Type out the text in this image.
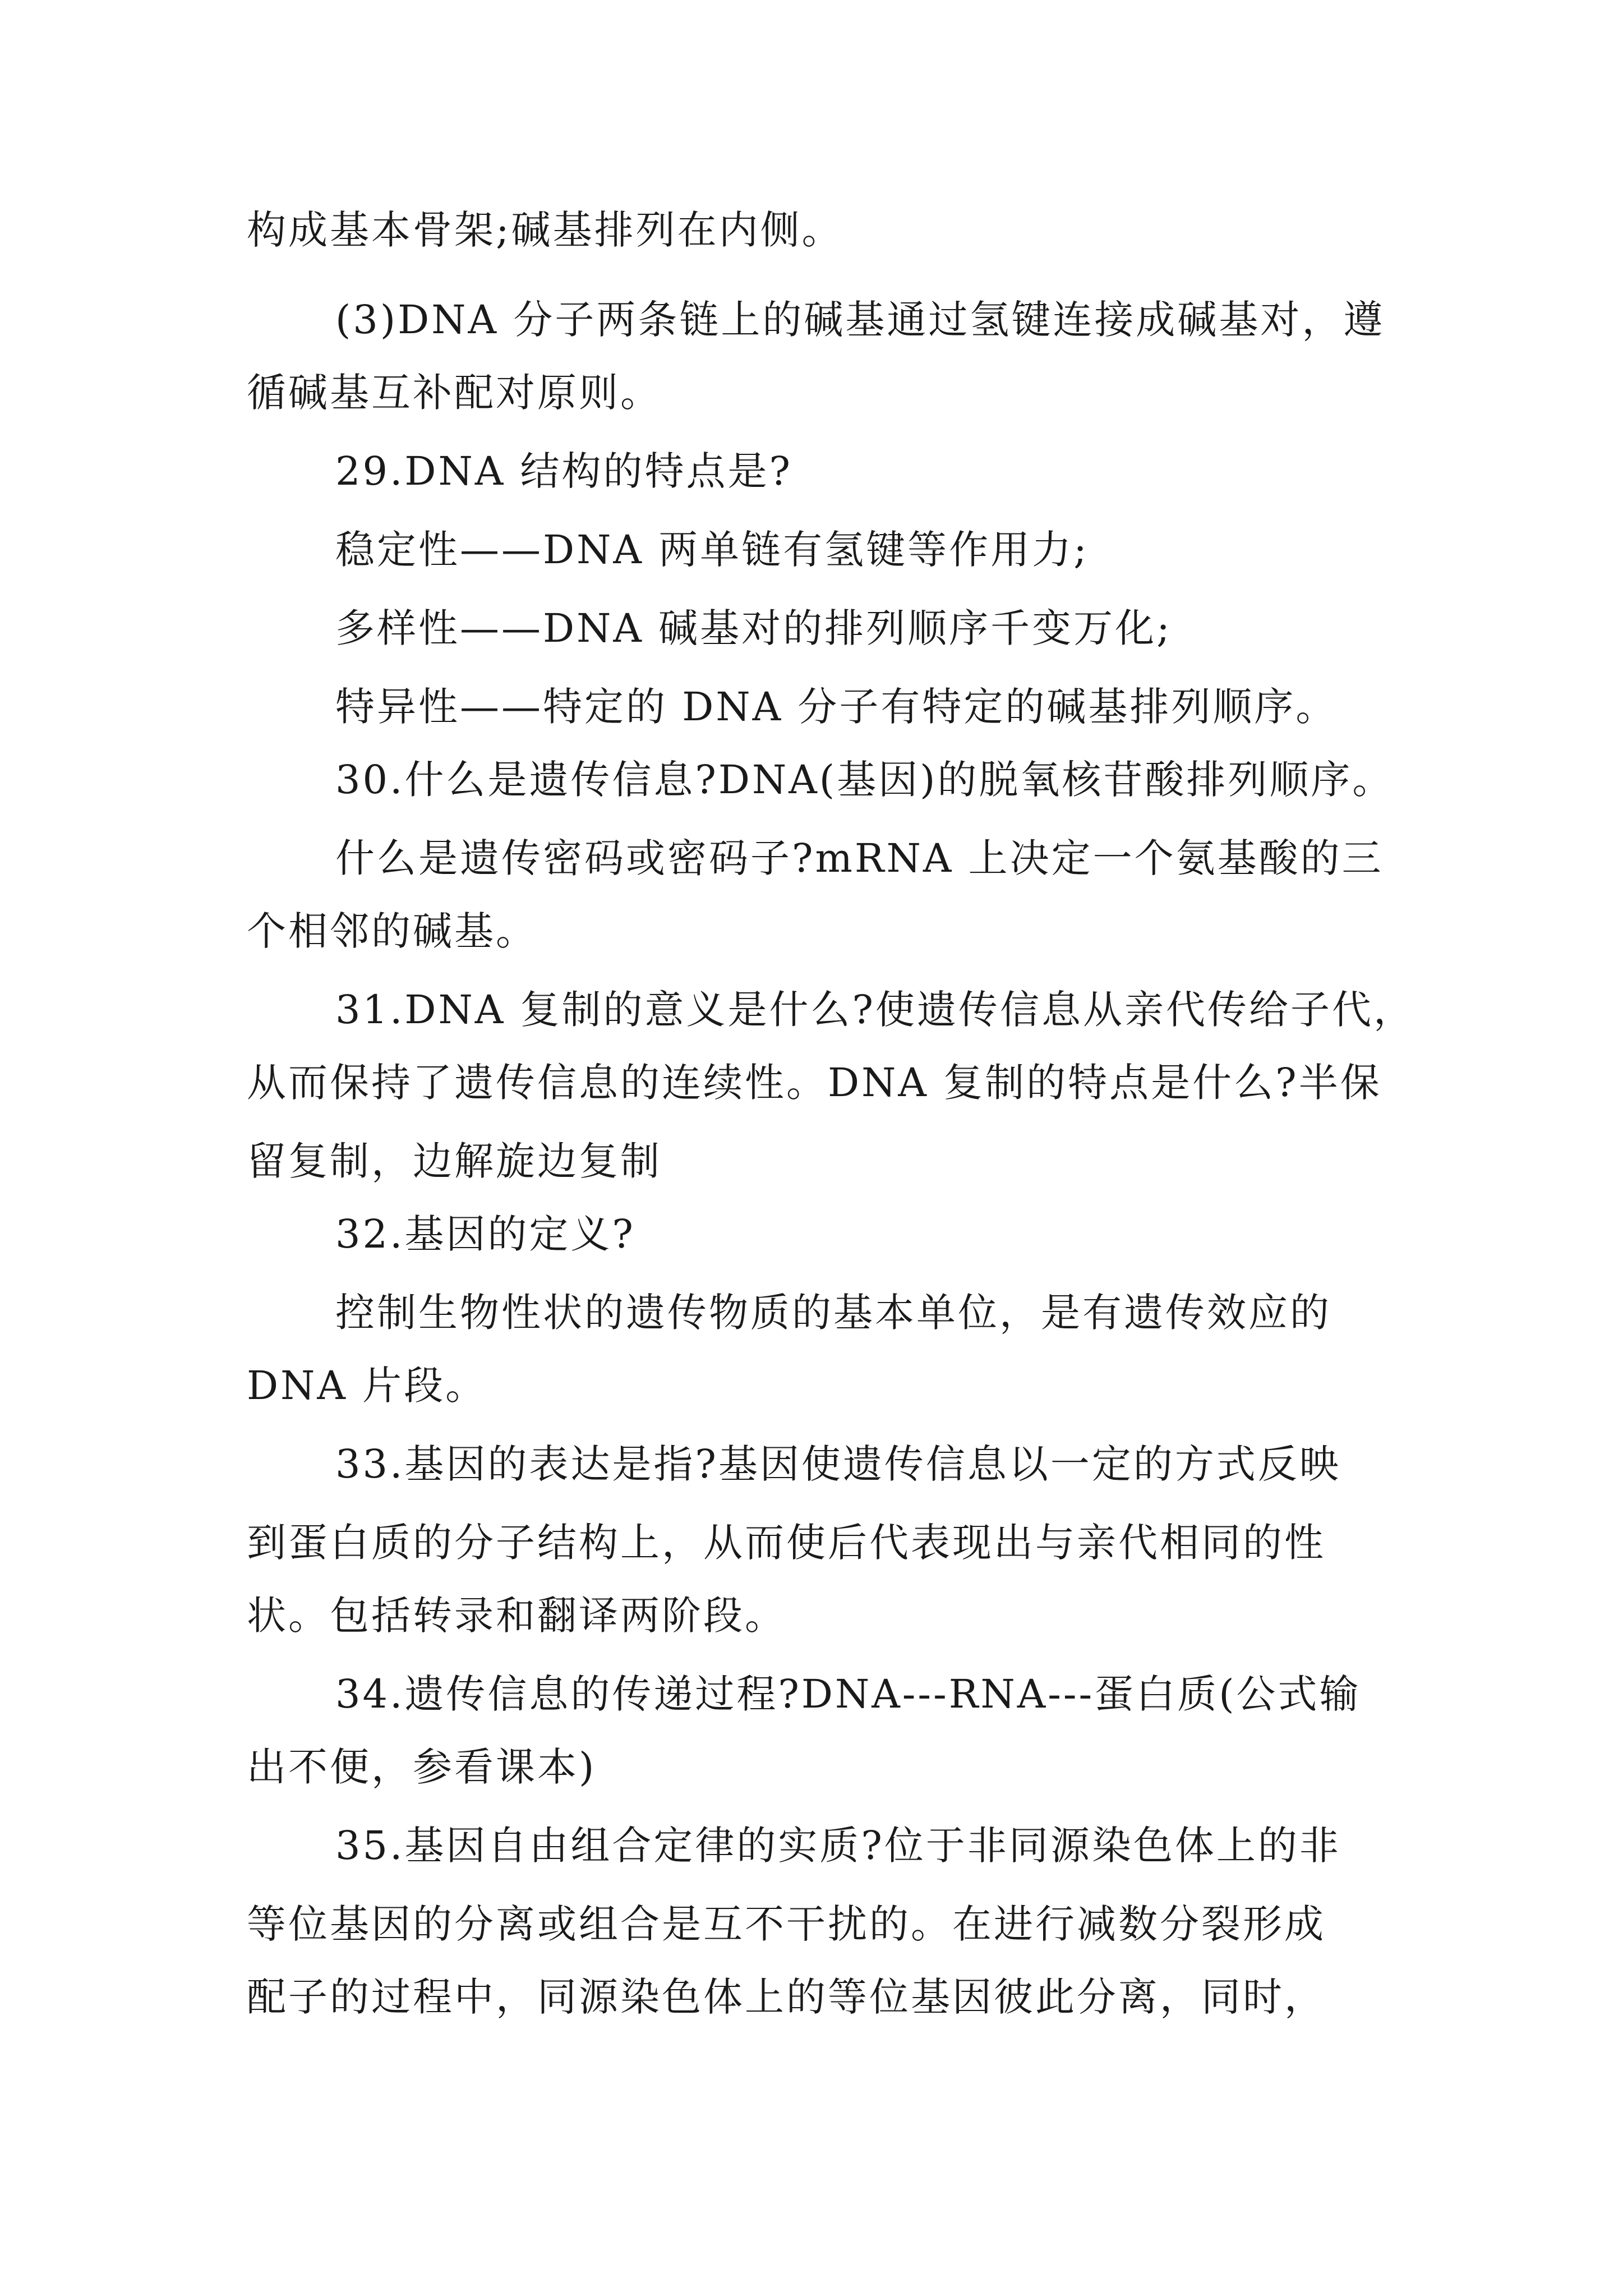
构成基本骨架;碱基排列在内侧。
(3)DNA 分子两条链上的碱基通过氢键连接成碱基对，遵
循碱基互补配对原则。
29.DNA 结构的特点是?
稳定性——DNA 两单链有氢键等作用力;
多样性——DNA 碱基对的排列顺序千变万化;
特异性——特定的 DNA 分子有特定的碱基排列顺序。
30.什么是遗传信息?DNA(基因)的脱氧核苷酸排列顺序。
什么是遗传密码或密码子?mRNA 上决定一个氨基酸的三
个相邻的碱基。
31.DNA 复制的意义是什么?使遗传信息从亲代传给子代，
从而保持了遗传信息的连续性。DNA 复制的特点是什么?半保
留复制，边解旋边复制
32.基因的定义?
控制生物性状的遗传物质的基本单位，是有遗传效应的
DNA 片段。
33.基因的表达是指?基因使遗传信息以一定的方式反映
到蛋白质的分子结构上，从而使后代表现出与亲代相同的性
状。包括转录和翻译两阶段。
34.遗传信息的传递过程?DNA---RNA---蛋白质(公式输
出不便，参看课本)
35.基因自由组合定律的实质?位于非同源染色体上的非
等位基因的分离或组合是互不干扰的。在进行减数分裂形成
配子的过程中，同源染色体上的等位基因彼此分离，同时，
